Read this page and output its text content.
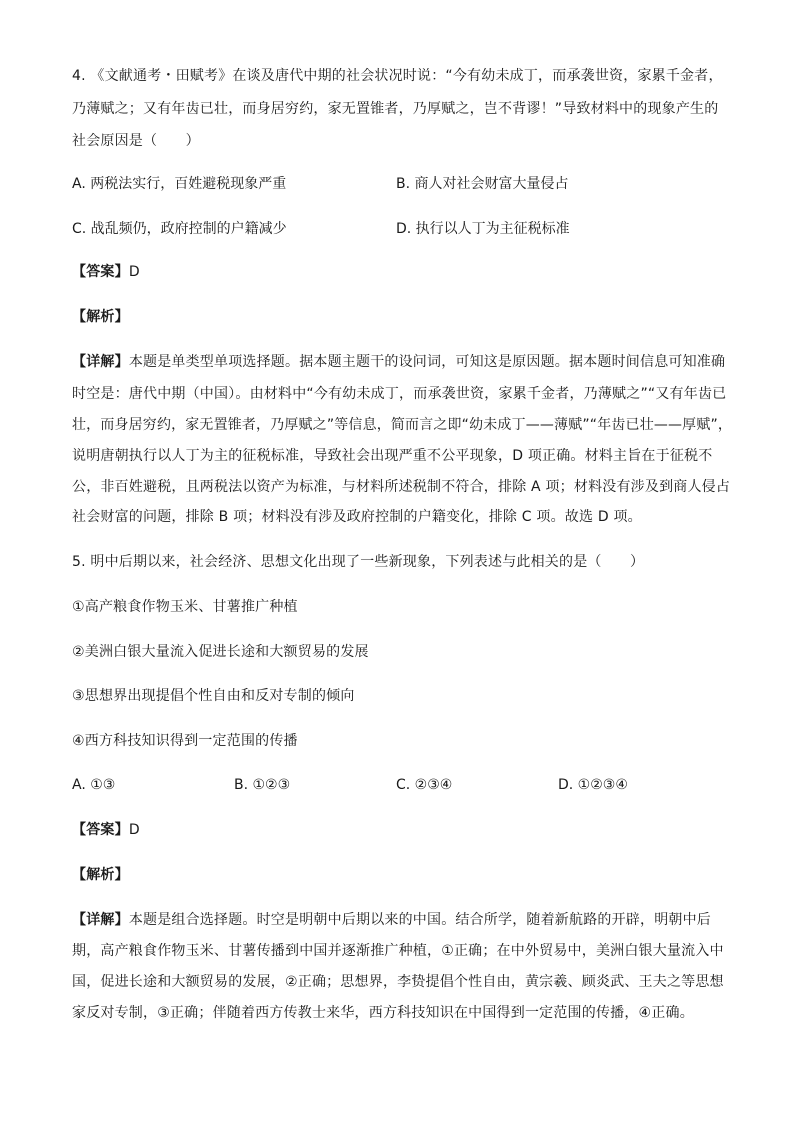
4. 《文献通考・田赋考》在谈及唐代中期的社会状况时说：“今有幼未成丁，而承袭世资，家累千金者，
乃薄赋之；又有年齿已壮，而身居穷约，家无置锥者，乃厚赋之，岂不背谬！”导致材料中的现象产生的
社会原因是（　　）
A. 两税法实行，百姓避税现象严重	B. 商人对社会财富大量侵占
C. 战乱频仍，政府控制的户籍减少	D. 执行以人丁为主征税标准
【答案】D
【解析】
【详解】本题是单类型单项选择题。据本题主题干的设问词，可知这是原因题。据本题时间信息可知准确
时空是：唐代中期（中国）。由材料中“今有幼未成丁，而承袭世资，家累千金者，乃薄赋之”“又有年齿已
壮，而身居穷约，家无置锥者，乃厚赋之”等信息，简而言之即“幼未成丁——薄赋”“年齿已壮——厚赋”，
说明唐朝执行以人丁为主的征税标准，导致社会出现严重不公平现象，D 项正确。材料主旨在于征税不
公，非百姓避税，且两税法以资产为标准，与材料所述税制不符合，排除 A 项；材料没有涉及到商人侵占
社会财富的问题，排除 B 项；材料没有涉及政府控制的户籍变化，排除 C 项。故选 D 项。
5. 明中后期以来，社会经济、思想文化出现了一些新现象，下列表述与此相关的是（　　）
①高产粮食作物玉米、甘薯推广种植
②美洲白银大量流入促进长途和大额贸易的发展
③思想界出现提倡个性自由和反对专制的倾向
④西方科技知识得到一定范围的传播
A. ①③	B. ①②③	C. ②③④	D. ①②③④
【答案】D
【解析】
【详解】本题是组合选择题。时空是明朝中后期以来的中国。结合所学，随着新航路的开辟，明朝中后
期，高产粮食作物玉米、甘薯传播到中国并逐渐推广种植，①正确；在中外贸易中，美洲白银大量流入中
国，促进长途和大额贸易的发展，②正确；思想界，李贽提倡个性自由，黄宗羲、顾炎武、王夫之等思想
家反对专制，③正确；伴随着西方传教士来华，西方科技知识在中国得到一定范围的传播，④正确。
